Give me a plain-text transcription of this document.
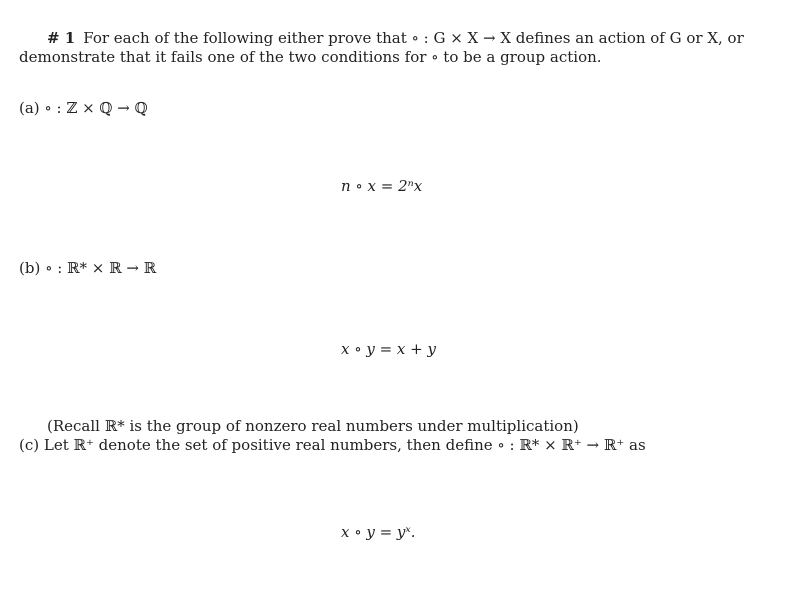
# 1 For each of the following either prove that ∘ : G × X → X defines an action of G or X, or
demonstrate that it fails one of the two conditions for ∘ to be a group action.
(a) ∘ : ℤ × ℚ → ℚ
n ∘ x = 2ⁿx
(b) ∘ : ℝ* × ℝ → ℝ
x ∘ y = x + y
(Recall ℝ* is the group of nonzero real numbers under multiplication)
(c) Let ℝ⁺ denote the set of positive real numbers, then define ∘ : ℝ* × ℝ⁺ → ℝ⁺ as
x ∘ y = yˣ.
